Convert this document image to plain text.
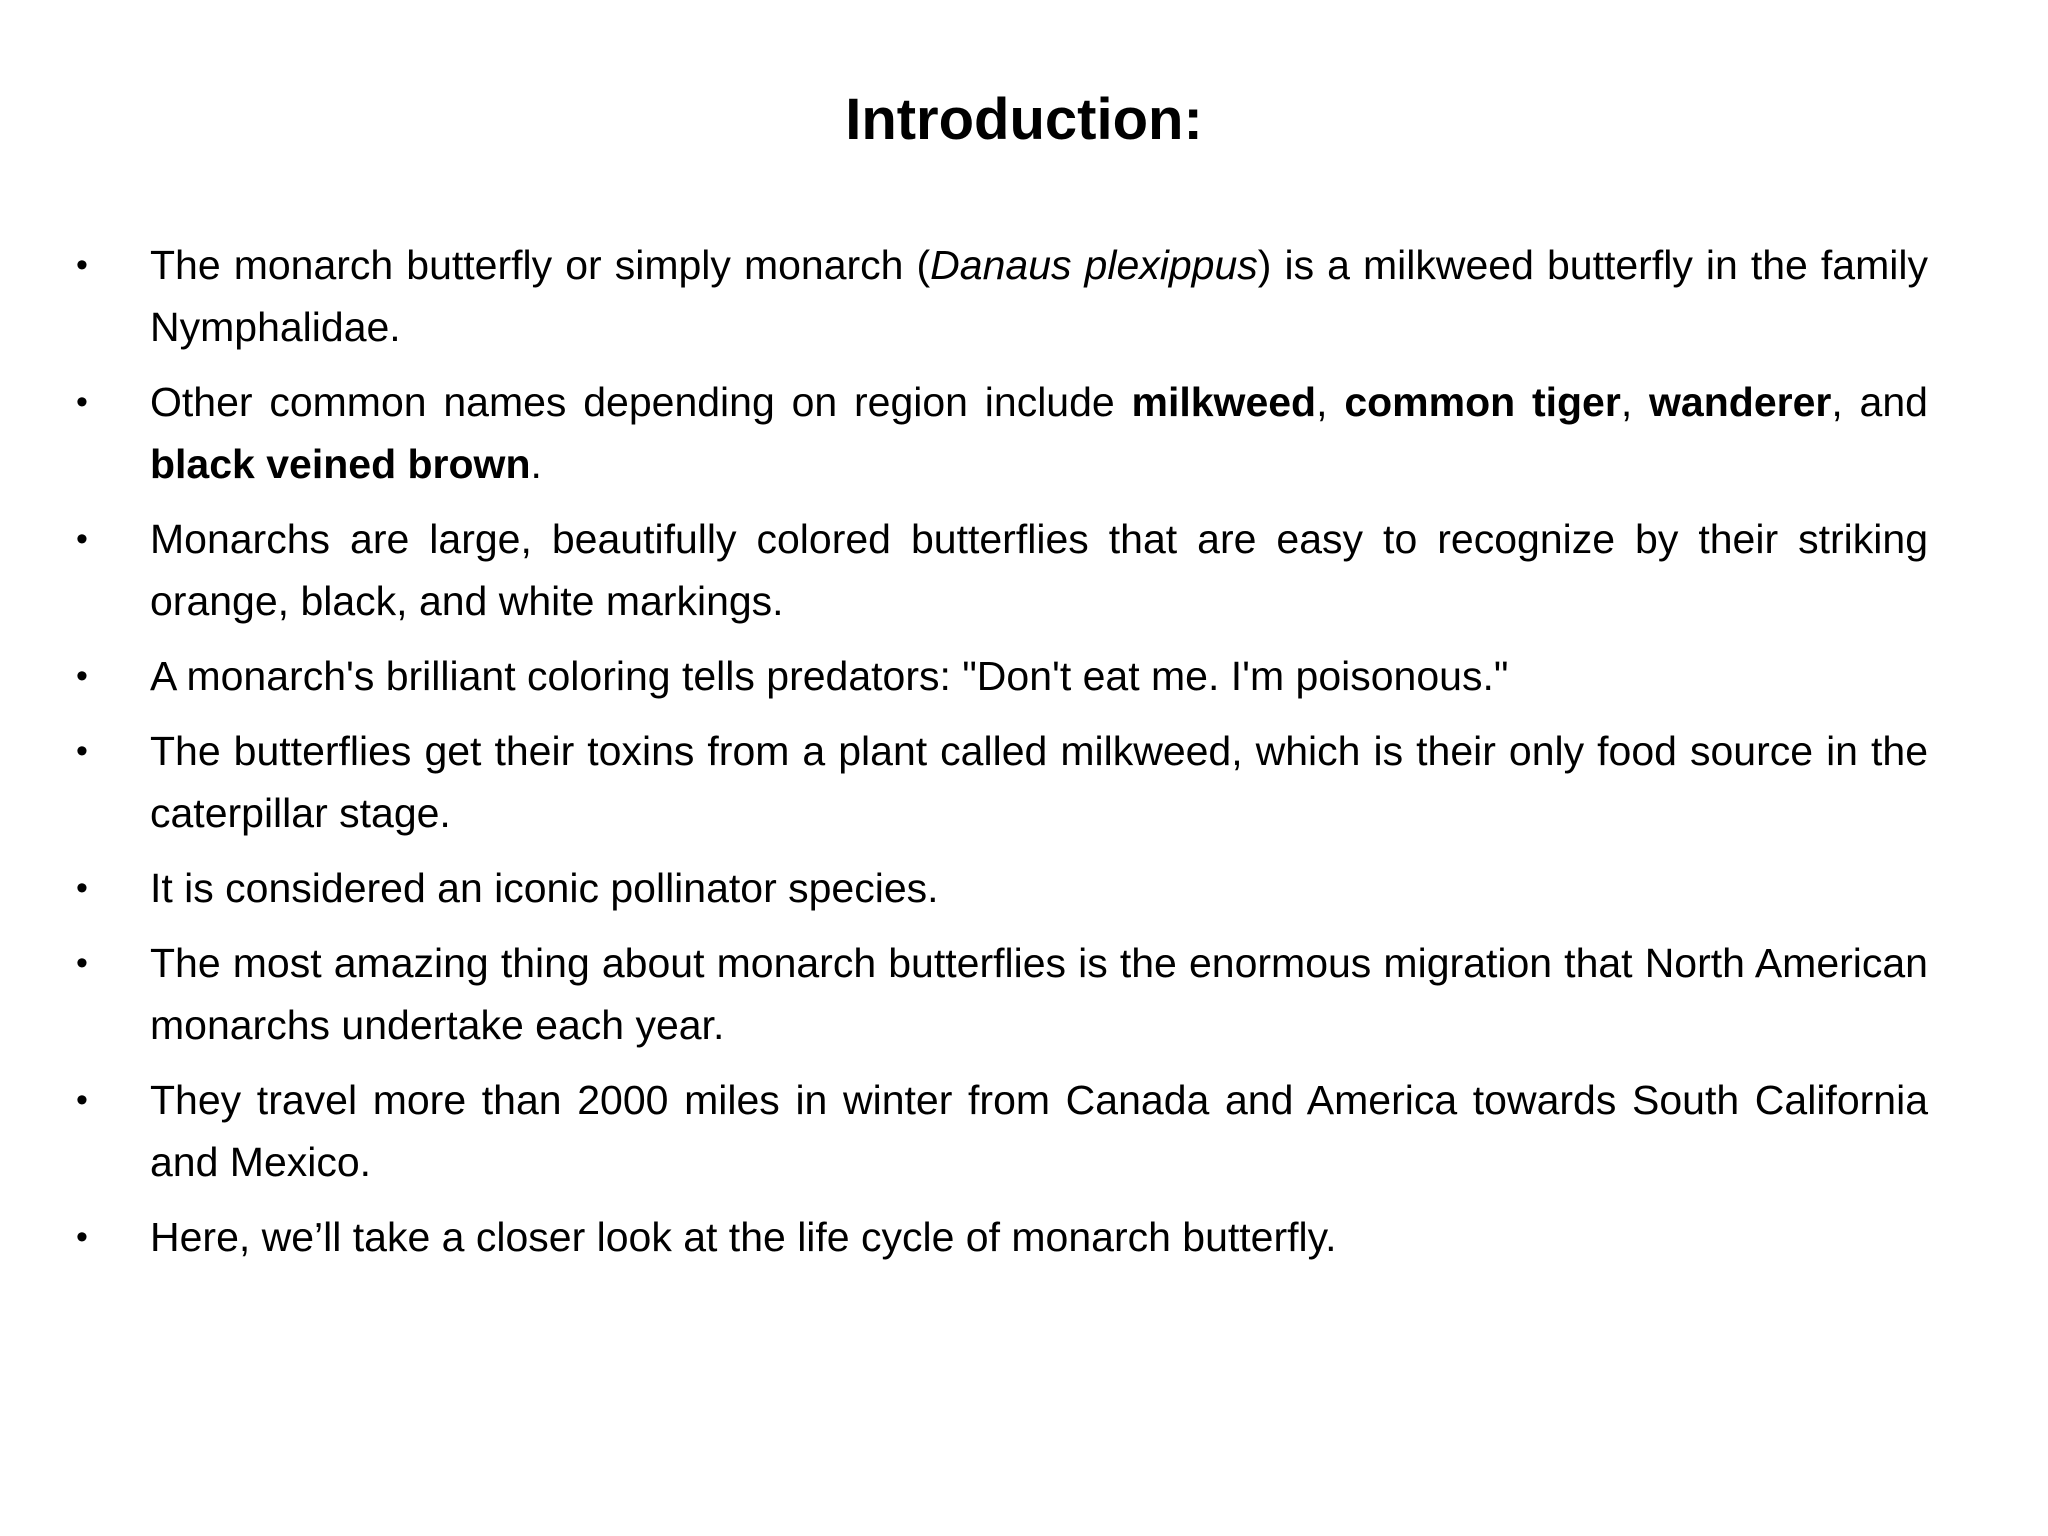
Introduction:
• The monarch butterfly or simply monarch (Danaus plexippus) is a milkweed butterfly in the family Nymphalidae.
• Other common names depending on region include milkweed, common tiger, wanderer, and black veined brown.
• Monarchs are large, beautifully colored butterflies that are easy to recognize by their striking orange, black, and white markings.
• A monarch's brilliant coloring tells predators: "Don't eat me. I'm poisonous."
• The butterflies get their toxins from a plant called milkweed, which is their only food source in the caterpillar stage.
• It is considered an iconic pollinator species.
• The most amazing thing about monarch butterflies is the enormous migration that North American monarchs undertake each year.
• They travel more than 2000 miles in winter from Canada and America towards South California and Mexico.
• Here, we’ll take a closer look at the life cycle of monarch butterfly.
